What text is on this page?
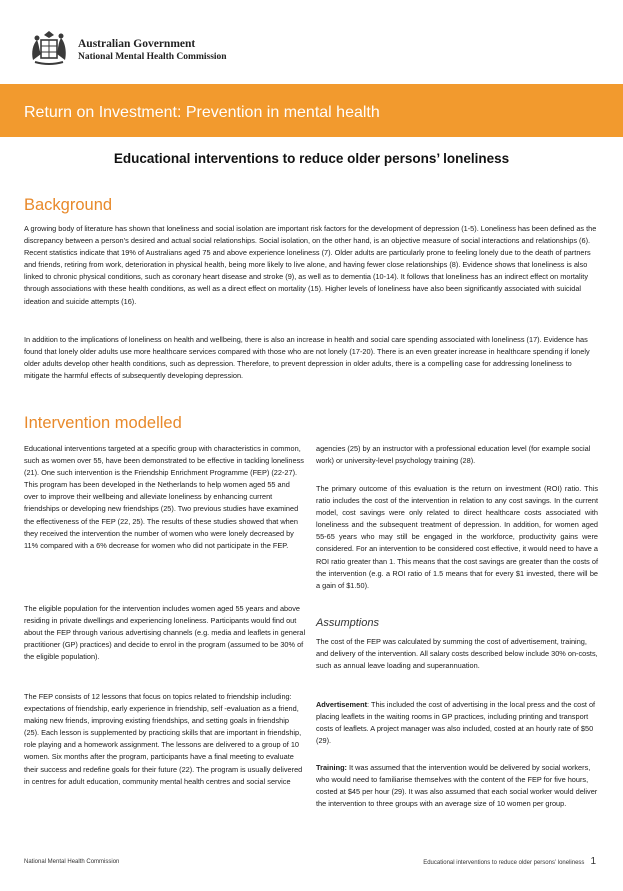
Australian Government
National Mental Health Commission
Return on Investment: Prevention in mental health
Educational interventions to reduce older persons’ loneliness
Background
A growing body of literature has shown that loneliness and social isolation are important risk factors for the development of depression (1-5). Loneliness has been defined as the discrepancy between a person’s desired and actual social relationships. Social isolation, on the other hand, is an objective measure of social interactions and relationships (6). Recent statistics indicate that 19% of Australians aged 75 and above experience loneliness (7). Older adults are particularly prone to feeling lonely due to the death of partners and friends, retiring from work, deterioration in physical health, being more likely to live alone, and having fewer close relationships (8). Evidence shows that loneliness is also linked to chronic physical conditions, such as coronary heart disease and stroke (9), as well as to dementia (10-14). It follows that loneliness has an indirect effect on mortality through associations with these health conditions, as well as a direct effect on mortality (15). Higher levels of loneliness have also been significantly associated with suicidal ideation and suicide attempts (16).
In addition to the implications of loneliness on health and wellbeing, there is also an increase in health and social care spending associated with loneliness (17). Evidence has found that lonely older adults use more healthcare services compared with those who are not lonely (17-20). There is an even greater increase in healthcare spending if lonely older adults develop other health conditions, such as depression. Therefore, to prevent depression in older adults, there is a compelling case for addressing loneliness to mitigate the harmful effects of subsequently developing depression.
Intervention modelled
Educational interventions targeted at a specific group with characteristics in common, such as women over 55, have been demonstrated to be effective in tackling loneliness (21). One such intervention is the Friendship Enrichment Programme (FEP) (22-27). This program has been developed in the Netherlands to help women aged 55 and over to improve their wellbeing and alleviate loneliness by enhancing current friendships or developing new friendships (25). Two previous studies have examined the effectiveness of the FEP (22, 25). The results of these studies showed that when they received the intervention the number of women who were lonely decreased by 11% compared with a 6% decrease for women who did not participate in the FEP.
The eligible population for the intervention includes women aged 55 years and above residing in private dwellings and experiencing loneliness. Participants would find out about the FEP through various advertising channels (e.g. media and leaflets in general practitioner (GP) practices) and decide to enrol in the program (assumed to be 30% of the eligible population).
The FEP consists of 12 lessons that focus on topics related to friendship including: expectations of friendship, early experience in friendship, self -evaluation as a friend, making new friends, improving existing friendships, and setting goals in friendship (25). Each lesson is supplemented by practicing skills that are important in friendship, role playing and a homework assignment. The lessons are delivered to a group of 10 women. Six months after the program, participants have a final meeting to evaluate their success and redefine goals for their future (22). The program is usually delivered in centres for adult education, community mental health centres and social service
agencies (25) by an instructor with a professional education level (for example social work) or university-level psychology training (28).
The primary outcome of this evaluation is the return on investment (ROI) ratio. This ratio includes the cost of the intervention in relation to any cost savings. In the current model, cost savings were only related to direct healthcare costs associated with loneliness and the subsequent treatment of depression. In addition, for women aged 55-65 years who may still be engaged in the workforce, productivity gains were considered. For an intervention to be considered cost effective, it would need to have a ROI ratio greater than 1. This means that the cost savings are greater than the costs of the intervention (e.g. a ROI ratio of 1.5 means that for every $1 invested, there will be a gain of $1.50).
Assumptions
The cost of the FEP was calculated by summing the cost of advertisement, training, and delivery of the intervention. All salary costs described below include 30% on-costs, such as annual leave loading and superannuation.
Advertisement: This included the cost of advertising in the local press and the cost of placing leaflets in the waiting rooms in GP practices, including printing and transport costs of leaflets. A project manager was also included, costed at an hourly rate of $50 (29).
Training: It was assumed that the intervention would be delivered by social workers, who would need to familiarise themselves with the content of the FEP for five hours, costed at $45 per hour (29). It was also assumed that each social worker would deliver the intervention to three groups with an average size of 10 women per group.
National Mental Health Commission	Educational interventions to reduce older persons’ loneliness 1
